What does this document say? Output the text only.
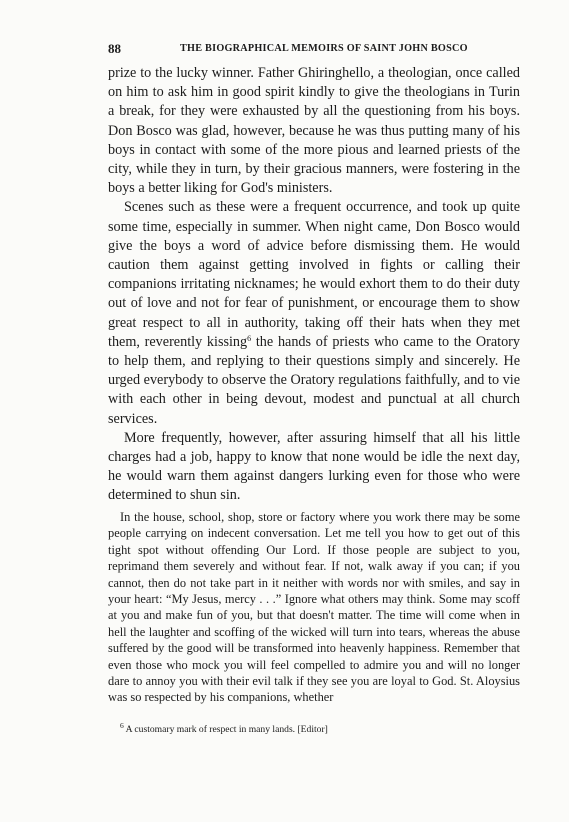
88	THE BIOGRAPHICAL MEMOIRS OF SAINT JOHN BOSCO

prize to the lucky winner. Father Ghiringhello, a theologian, once called on him to ask him in good spirit kindly to give the theologians in Turin a break, for they were exhausted by all the questioning from his boys. Don Bosco was glad, however, because he was thus putting many of his boys in contact with some of the more pious and learned priests of the city, while they in turn, by their gracious manners, were fostering in the boys a better liking for God's ministers.

Scenes such as these were a frequent occurrence, and took up quite some time, especially in summer. When night came, Don Bosco would give the boys a word of advice before dismissing them. He would caution them against getting involved in fights or calling their companions irritating nicknames; he would exhort them to do their duty out of love and not for fear of punishment, or encourage them to show great respect to all in authority, taking off their hats when they met them, reverently kissing$^6$ the hands of priests who came to the Oratory to help them, and replying to their questions simply and sincerely. He urged everybody to observe the Oratory regulations faithfully, and to vie with each other in being devout, modest and punctual at all church services.

More frequently, however, after assuring himself that all his little charges had a job, happy to know that none would be idle the next day, he would warn them against dangers lurking even for those who were determined to shun sin.

In the house, school, shop, store or factory where you work there may be some people carrying on indecent conversation. Let me tell you how to get out of this tight spot without offending Our Lord. If those people are subject to you, reprimand them severely and without fear. If not, walk away if you can; if you cannot, then do not take part in it neither with words nor with smiles, and say in your heart: “My Jesus, mercy . . .” Ignore what others may think. Some may scoff at you and make fun of you, but that doesn't matter. The time will come when in hell the laughter and scoffing of the wicked will turn into tears, whereas the abuse suffered by the good will be transformed into heavenly happiness. Remember that even those who mock you will feel compelled to admire you and will no longer dare to annoy you with their evil talk if they see you are loyal to God. St. Aloysius was so respected by his companions, whether

$^6$ A customary mark of respect in many lands. [Editor]
